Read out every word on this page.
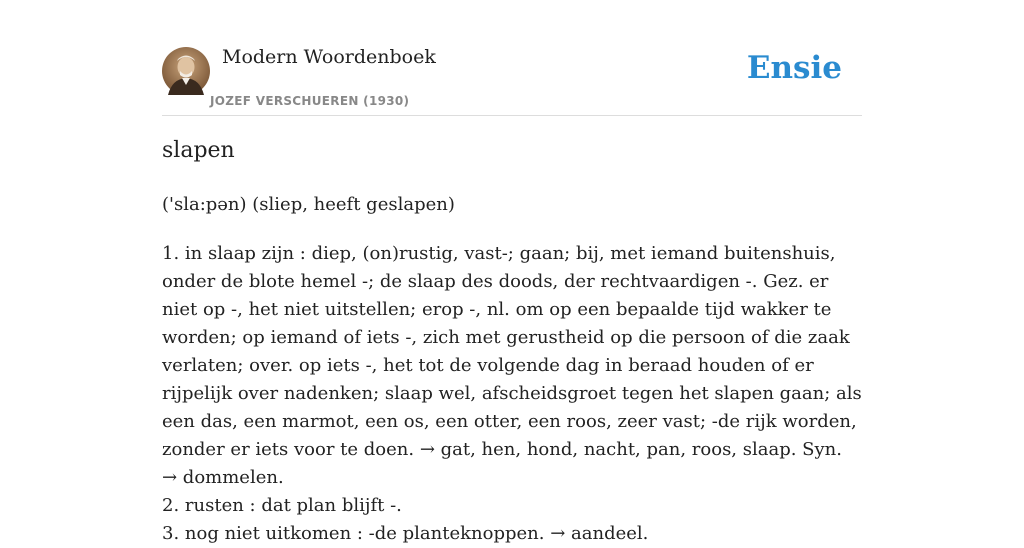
Modern Woordenboek
JOZEF VERSCHUEREN (1930)
Ensie
slapen

('sla:pən) (sliep, heeft geslapen)

1. in slaap zijn : diep, (on)rustig, vast-; gaan; bij, met iemand buitenshuis, onder de blote hemel -; de slaap des doods, der rechtvaardigen -. Gez. er niet op -, het niet uitstellen; erop -, nl. om op een bepaalde tijd wakker te worden; op iemand of iets -, zich met gerustheid op die persoon of die zaak verlaten; over. op iets -, het tot de volgende dag in beraad houden of er rijpelijk over nadenken; slaap wel, afscheidsgroet tegen het slapen gaan; als een das, een marmot, een os, een otter, een roos, zeer vast; -de rijk worden, zonder er iets voor te doen. → gat, hen, hond, nacht, pan, roos, slaap. Syn. → dommelen.

2. rusten : dat plan blijft -.

3. nog niet uitkomen : -de planteknoppen. → aandeel.
